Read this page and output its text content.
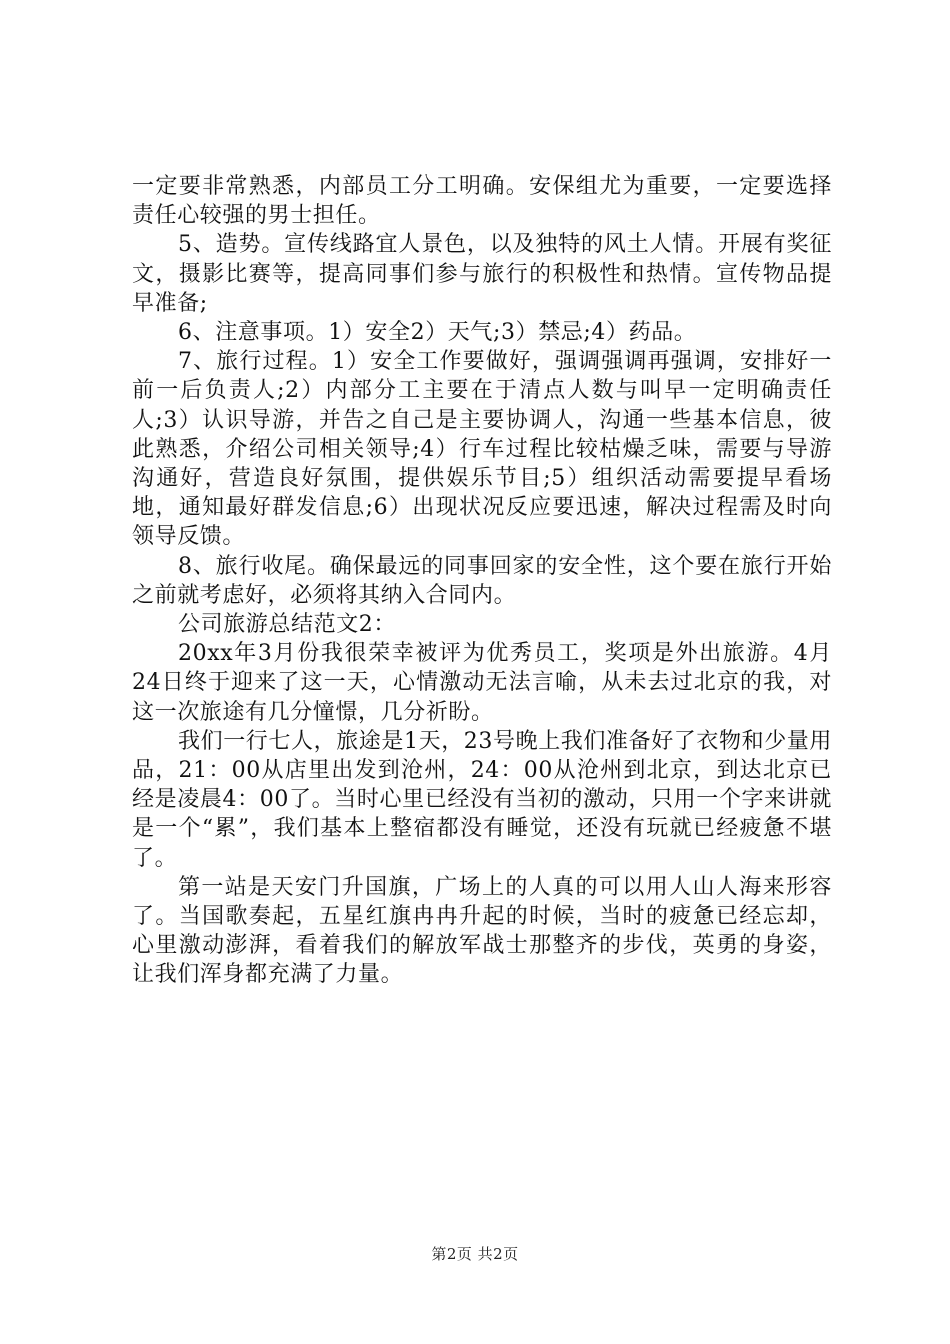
一定要非常熟悉，内部员工分工明确。安保组尤为重要，一定要选择责任心较强的男士担任。

5、造势。宣传线路宜人景色，以及独特的风土人情。开展有奖征文，摄影比赛等，提高同事们参与旅行的积极性和热情。宣传物品提早准备;

6、注意事项。1）安全2）天气;3）禁忌;4）药品。

7、旅行过程。1）安全工作要做好，强调强调再强调，安排好一前一后负责人;2）内部分工主要在于清点人数与叫早一定明确责任人;3）认识导游，并告之自己是主要协调人，沟通一些基本信息，彼此熟悉，介绍公司相关领导;4）行车过程比较枯燥乏味，需要与导游沟通好，营造良好氛围，提供娱乐节目;5）组织活动需要提早看场地，通知最好群发信息;6）出现状况反应要迅速，解决过程需及时向领导反馈。

8、旅行收尾。确保最远的同事回家的安全性，这个要在旅行开始之前就考虑好，必须将其纳入合同内。

公司旅游总结范文2：

20xx年3月份我很荣幸被评为优秀员工，奖项是外出旅游。4月24日终于迎来了这一天，心情激动无法言喻，从未去过北京的我，对这一次旅途有几分憧憬，几分祈盼。

我们一行七人，旅途是1天，23号晚上我们准备好了衣物和少量用品，21：00从店里出发到沧州，24：00从沧州到北京，到达北京已经是凌晨4：00了。当时心里已经没有当初的激动，只用一个字来讲就是一个“累”，我们基本上整宿都没有睡觉，还没有玩就已经疲惫不堪了。

第一站是天安门升国旗，广场上的人真的可以用人山人海来形容了。当国歌奏起，五星红旗冉冉升起的时候，当时的疲惫已经忘却，心里激动澎湃，看着我们的解放军战士那整齐的步伐，英勇的身姿，让我们浑身都充满了力量。

第2页 共2页
